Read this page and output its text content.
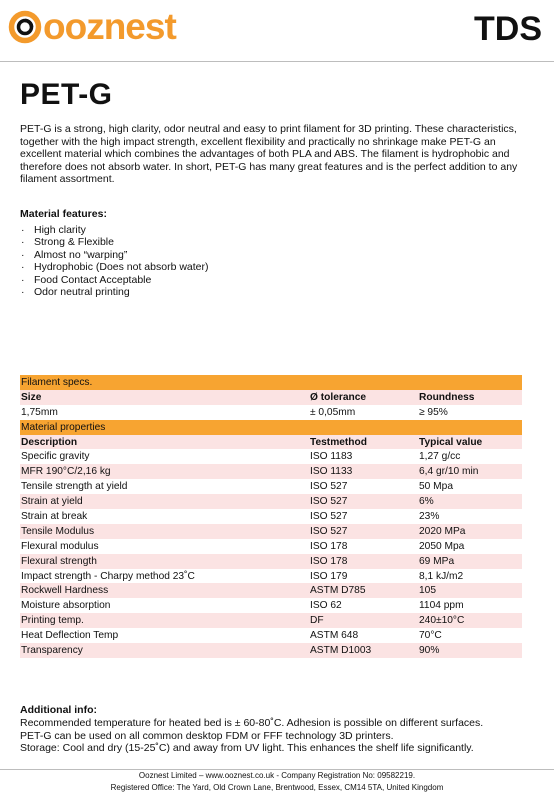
ooznest	TDS
PET-G
PET-G is a strong, high clarity, odor neutral and easy to print filament for 3D printing. These characteristics, together with the high impact strength, excellent flexibility and practically no shrinkage make PET-G an excellent material which combines the advantages of both PLA and ABS. The filament is hydrophobic and therefore does not absorb water. In short, PET-G has many great features and is the perfect addition to any filament assortment.
Material features:
· High clarity
· Strong & Flexible
· Almost no “warping”
· Hydrophobic (Does not absorb water)
· Food Contact Acceptable
· Odor neutral printing
Filament specs.		
Size	Ø tolerance	Roundness
1,75mm	± 0,05mm	≥ 95%
Material properties		
Description	Testmethod	Typical value
Specific gravity	ISO 1183	1,27 g/cc
MFR 190°C/2,16 kg	ISO 1133	6,4 gr/10 min
Tensile strength at yield	ISO 527	50 Mpa
Strain at yield	ISO 527	6%
Strain at break	ISO 527	23%
Tensile Modulus	ISO 527	2020 MPa
Flexural modulus	ISO 178	2050 Mpa
Flexural strength	ISO 178	69 MPa
Impact strength - Charpy method 23˚C	ISO 179	8,1 kJ/m2
Rockwell Hardness	ASTM D785	105
Moisture absorption	ISO 62	1104 ppm
Printing temp.	DF	240±10°C
Heat Deflection Temp	ASTM 648	70°C
Transparency	ASTM D1003	90%
Additional info:
Recommended temperature for heated bed is ± 60-80˚C. Adhesion is possible on different surfaces.
PET-G can be used on all common desktop FDM or FFF technology 3D printers.
Storage: Cool and dry (15-25˚C) and away from UV light. This enhances the shelf life significantly.
Ooznest Limited – www.ooznest.co.uk - Company Registration No: 09582219.
Registered Office: The Yard, Old Crown Lane, Brentwood, Essex, CM14 5TA, United Kingdom
